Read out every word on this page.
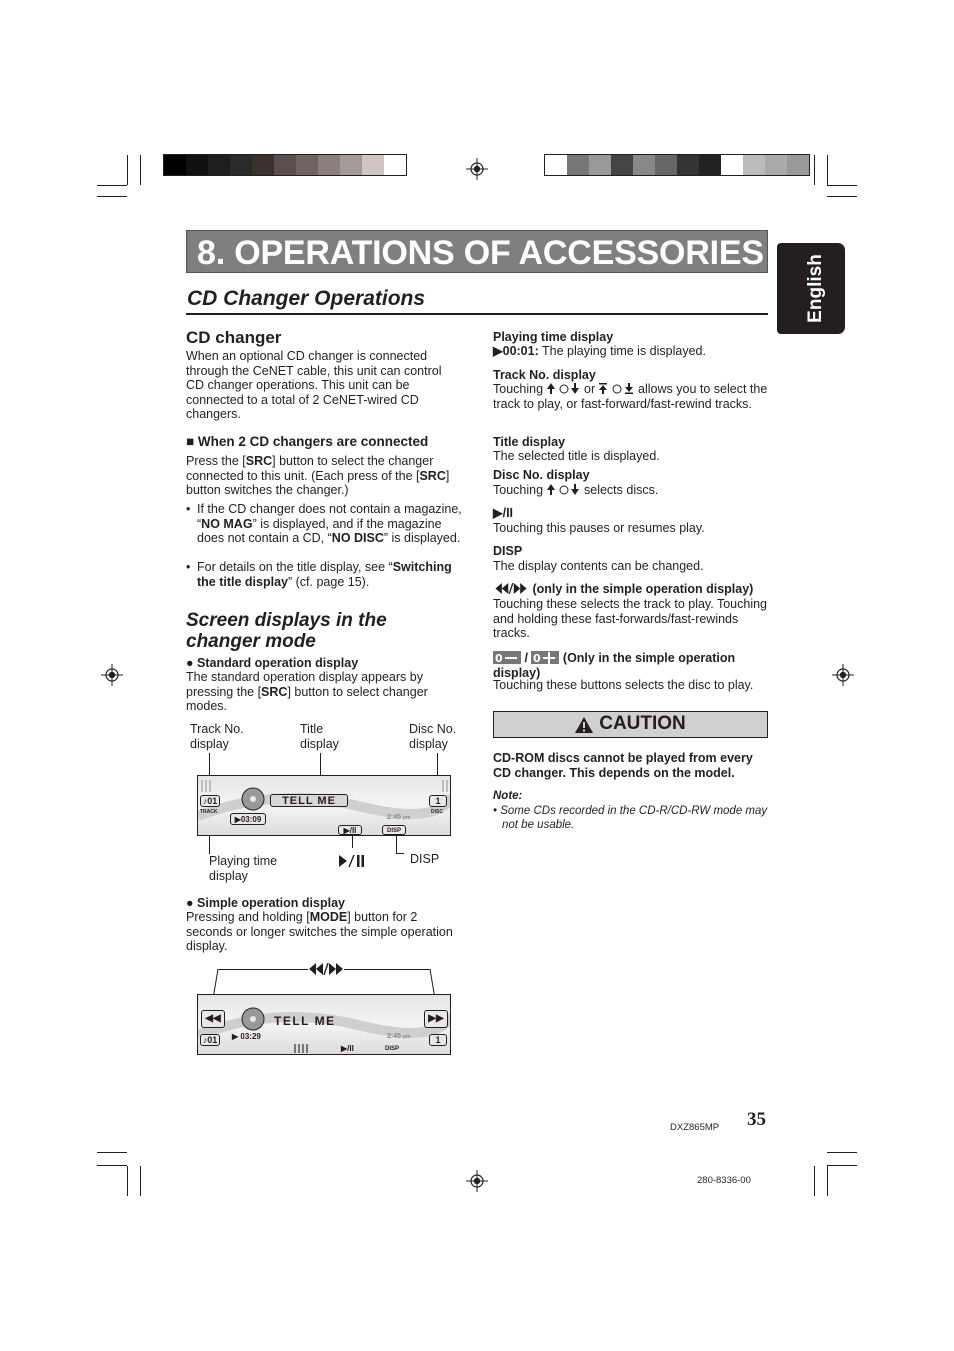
8. OPERATIONS OF ACCESSORIES
English
CD Changer Operations
CD changer
When an optional CD changer is connected through the CeNET cable, this unit can control CD changer operations. This unit can be connected to a total of 2 CeNET-wired CD changers.
■ When 2 CD changers are connected
Press the [SRC] button to select the changer connected to this unit. (Each press of the [SRC] button switches the changer.)
• If the CD changer does not contain a magazine, “NO MAG” is displayed, and if the magazine does not contain a CD, “NO DISC” is displayed.
• For details on the title display, see “Switching the title display” (cf. page 15).
Screen displays in the changer mode
● Standard operation display
The standard operation display appears by pressing the [SRC] button to select changer modes.
Track No. display
Title display
Disc No. display
♪01
TRACK
TELL ME	1
DISC
▶03:09	2:45 pm
▶/II	DISP
Playing time display
DISP
● Simple operation display
Pressing and holding [MODE] button for 2 seconds or longer switches the simple operation display.
◀◀	▶▶
TELL ME
▶ 03:29
♪01	1
2:45 pm
▶/II	DISP
Playing time display
▶00:01: The playing time is displayed.
Track No. display
Touching	or	allows you to select the track to play, or fast-forward/fast-rewind tracks.
Title display
The selected title is displayed.
Disc No. display
Touching	selects discs.
▶/II
Touching this pauses or resumes play.
DISP
The display contents can be changed.
(only in the simple operation display)
Touching these selects the track to play. Touching and holding these fast-forwards/fast-rewinds tracks.
0 / 0 (Only in the simple operation display)
Touching these buttons selects the disc to play.
CAUTION
CD-ROM discs cannot be played from every CD changer. This depends on the model.
Note:
• Some CDs recorded in the CD-R/CD-RW mode may not be usable.
DXZ865MP 35
280-8336-00
